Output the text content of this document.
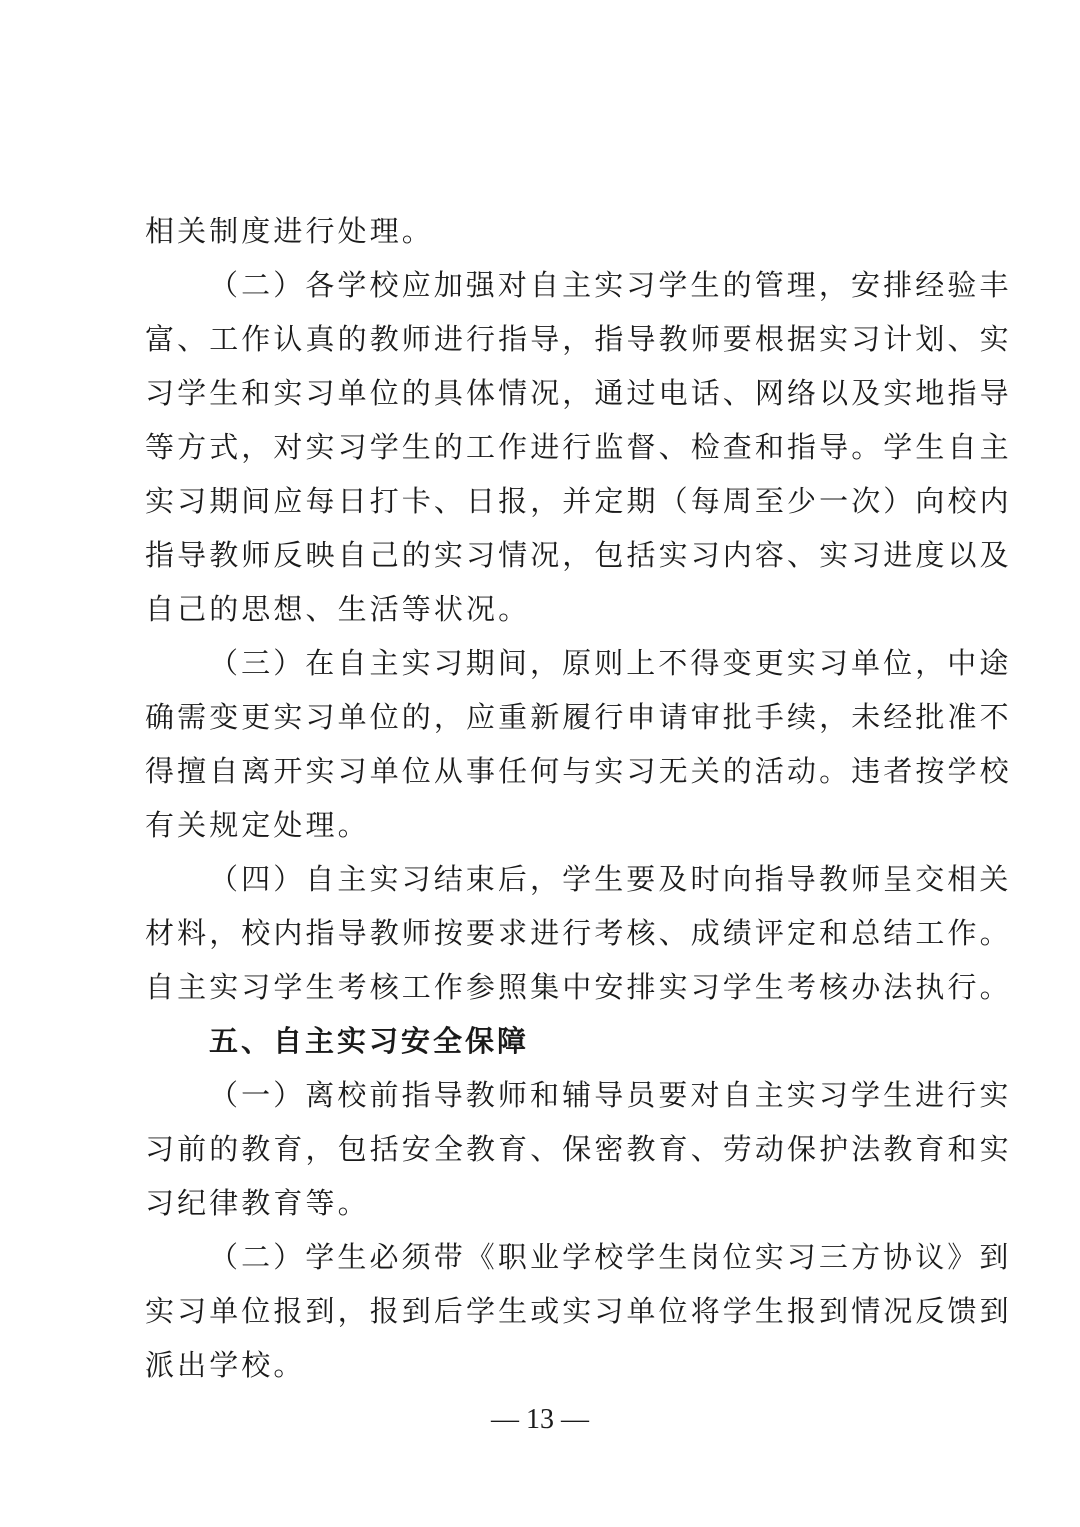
相关制度进行处理。
（二）各学校应加强对自主实习学生的管理，安排经验丰
富、工作认真的教师进行指导，指导教师要根据实习计划、实
习学生和实习单位的具体情况，通过电话、网络以及实地指导
等方式，对实习学生的工作进行监督、检查和指导。学生自主
实习期间应每日打卡、日报，并定期（每周至少一次）向校内
指导教师反映自己的实习情况，包括实习内容、实习进度以及
自己的思想、生活等状况。
（三）在自主实习期间，原则上不得变更实习单位，中途
确需变更实习单位的，应重新履行申请审批手续，未经批准不
得擅自离开实习单位从事任何与实习无关的活动。违者按学校
有关规定处理。
（四）自主实习结束后，学生要及时向指导教师呈交相关
材料，校内指导教师按要求进行考核、成绩评定和总结工作。
自主实习学生考核工作参照集中安排实习学生考核办法执行。
五、自主实习安全保障
（一）离校前指导教师和辅导员要对自主实习学生进行实
习前的教育，包括安全教育、保密教育、劳动保护法教育和实
习纪律教育等。
（二）学生必须带《职业学校学生岗位实习三方协议》到
实习单位报到，报到后学生或实习单位将学生报到情况反馈到
派出学校。
— 13 —
